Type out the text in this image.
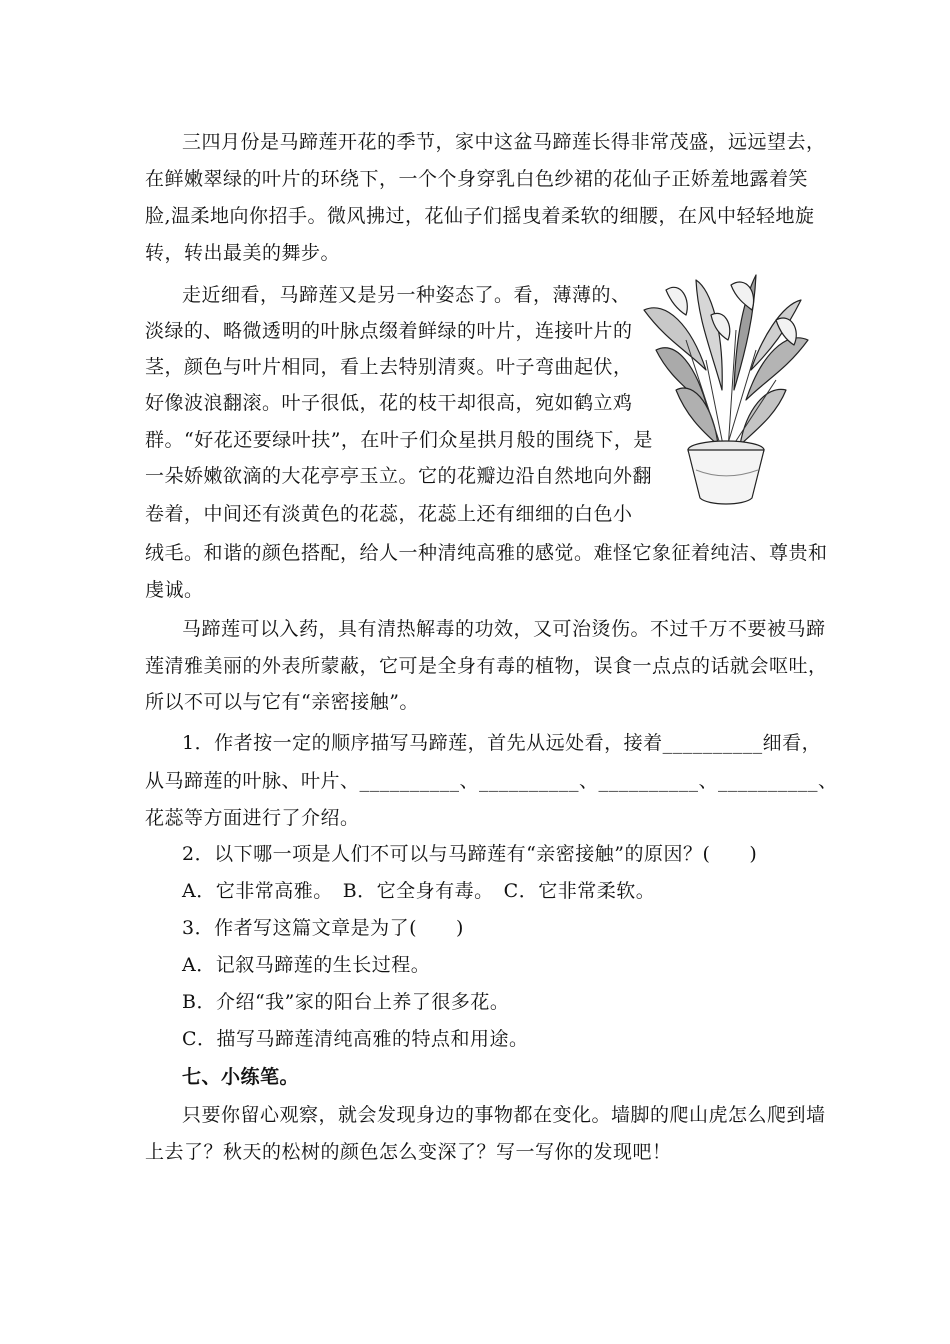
三四月份是马蹄莲开花的季节，家中这盆马蹄莲长得非常茂盛，远远望去，
在鲜嫩翠绿的叶片的环绕下，一个个身穿乳白色纱裙的花仙子正娇羞地露着笑
脸,温柔地向你招手。微风拂过，花仙子们摇曳着柔软的细腰，在风中轻轻地旋
转，转出最美的舞步。
走近细看，马蹄莲又是另一种姿态了。看，薄薄的、
淡绿的、略微透明的叶脉点缀着鲜绿的叶片，连接叶片的
茎，颜色与叶片相同，看上去特别清爽。叶子弯曲起伏，
好像波浪翻滚。叶子很低，花的枝干却很高，宛如鹤立鸡
群。“好花还要绿叶扶”，在叶子们众星拱月般的围绕下，是
一朵娇嫩欲滴的大花亭亭玉立。它的花瓣边沿自然地向外翻
卷着，中间还有淡黄色的花蕊，花蕊上还有细细的白色小
绒毛。和谐的颜色搭配，给人一种清纯高雅的感觉。难怪它象征着纯洁、尊贵和
虔诚。
马蹄莲可以入药，具有清热解毒的功效，又可治烫伤。不过千万不要被马蹄
莲清雅美丽的外表所蒙蔽，它可是全身有毒的植物，误食一点点的话就会呕吐，
所以不可以与它有“亲密接触”。
1．作者按一定的顺序描写马蹄莲，首先从远处看，接着__________细看，
从马蹄莲的叶脉、叶片、__________、__________、__________、__________、
花蕊等方面进行了介绍。
2．以下哪一项是人们不可以与马蹄莲有“亲密接触”的原因？(　　)
A．它非常高雅。　B．它全身有毒。　C．它非常柔软。
3．作者写这篇文章是为了(　　)
A．记叙马蹄莲的生长过程。
B．介绍“我”家的阳台上养了很多花。
C．描写马蹄莲清纯高雅的特点和用途。
七、小练笔。
只要你留心观察，就会发现身边的事物都在变化。墙脚的爬山虎怎么爬到墙
上去了？秋天的松树的颜色怎么变深了？写一写你的发现吧！
